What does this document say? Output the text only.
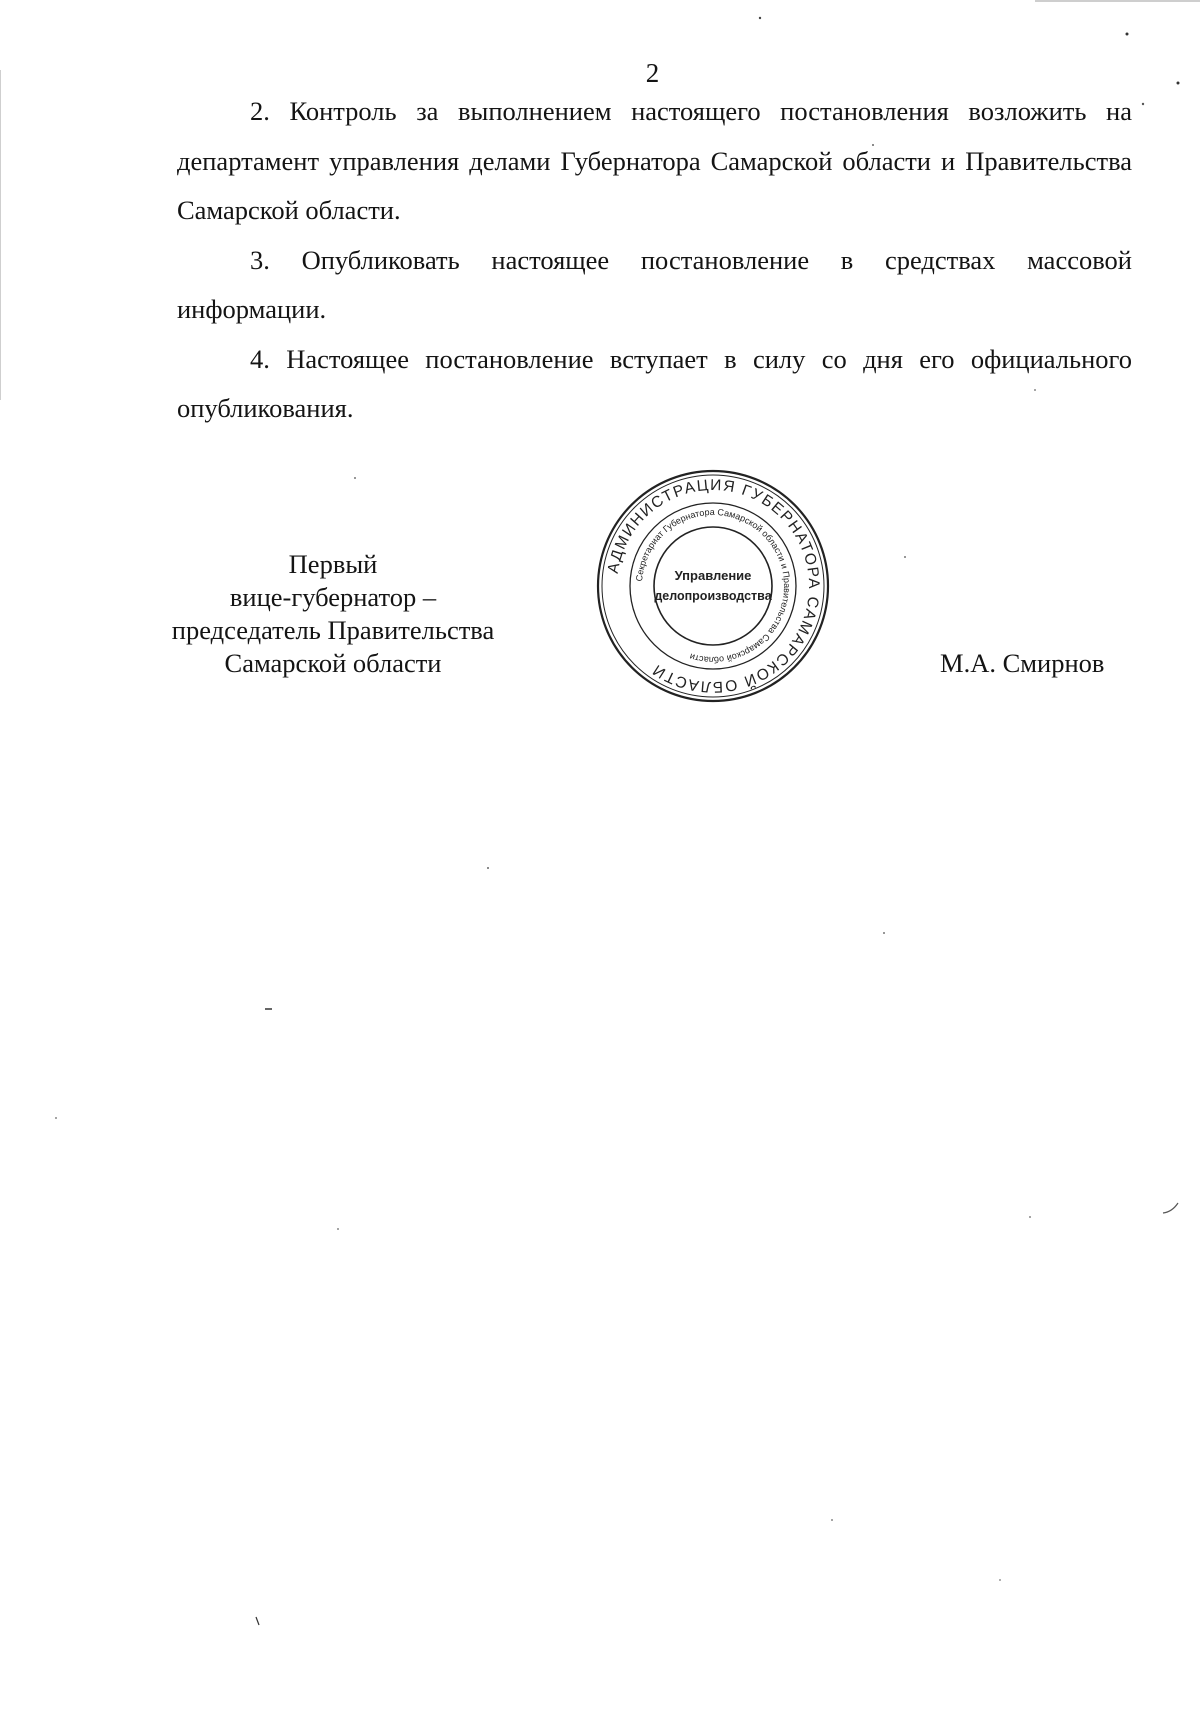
2

2. Контроль за выполнением настоящего постановления возложить на департамент управления делами Губернатора Самарской области и Правительства Самарской области.

3. Опубликовать настоящее постановление в средствах массовой информации.

4. Настоящее постановление вступает в силу со дня его официального опубликования.

Первый
вице-губернатор –
председатель Правительства
Самарской области
АДМИНИСТРАЦИЯ ГУБЕРНАТОРА САМАРСКОЙ ОБЛАСТИ
Секретариат Губернатора Самарской области и Правительства Самарской области
Управление
делопроизводства
М.А. Смирнов
